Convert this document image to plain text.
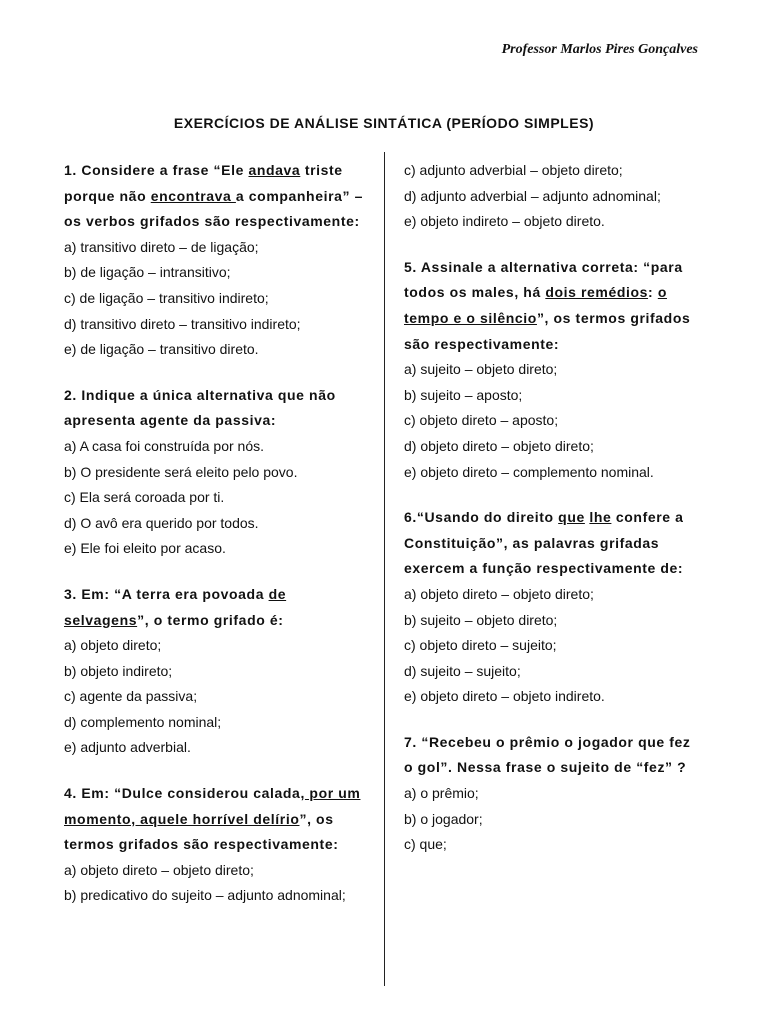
Professor Marlos Pires Gonçalves
EXERCÍCIOS DE ANÁLISE SINTÁTICA (PERÍODO SIMPLES)
1. Considere a frase “Ele andava triste porque não encontrava a companheira” – os verbos grifados são respectivamente:
a) transitivo direto – de ligação;
b) de ligação – intransitivo;
c) de ligação – transitivo indireto;
d) transitivo direto – transitivo indireto;
e) de ligação – transitivo direto.
2. Indique a única alternativa que não apresenta agente da passiva:
a) A casa foi construída por nós.
b) O presidente será eleito pelo povo.
c) Ela será coroada por ti.
d) O avô era querido por todos.
e) Ele foi eleito por acaso.
3. Em: “A terra era povoada de selvagens”, o termo grifado é:
a) objeto direto;
b) objeto indireto;
c) agente da passiva;
d) complemento nominal;
e) adjunto adverbial.
4. Em: “Dulce considerou calada, por um momento, aquele horrível delírio”, os termos grifados são respectivamente:
a) objeto direto – objeto direto;
b) predicativo do sujeito – adjunto adnominal;
c) adjunto adverbial – objeto direto;
d) adjunto adverbial – adjunto adnominal;
e) objeto indireto – objeto direto.
5. Assinale a alternativa correta: “para todos os males, há dois remédios: o tempo e o silêncio”, os termos grifados são respectivamente:
a) sujeito – objeto direto;
b) sujeito – aposto;
c) objeto direto – aposto;
d) objeto direto – objeto direto;
e) objeto direto – complemento nominal.
6.“Usando do direito que lhe confere a Constituição”, as palavras grifadas exercem a função respectivamente de:
a) objeto direto – objeto direto;
b) sujeito – objeto direto;
c) objeto direto – sujeito;
d) sujeito – sujeito;
e) objeto direto – objeto indireto.
7. “Recebeu o prêmio o jogador que fez o gol”. Nessa frase o sujeito de “fez” ?
a) o prêmio;
b) o jogador;
c) que;
